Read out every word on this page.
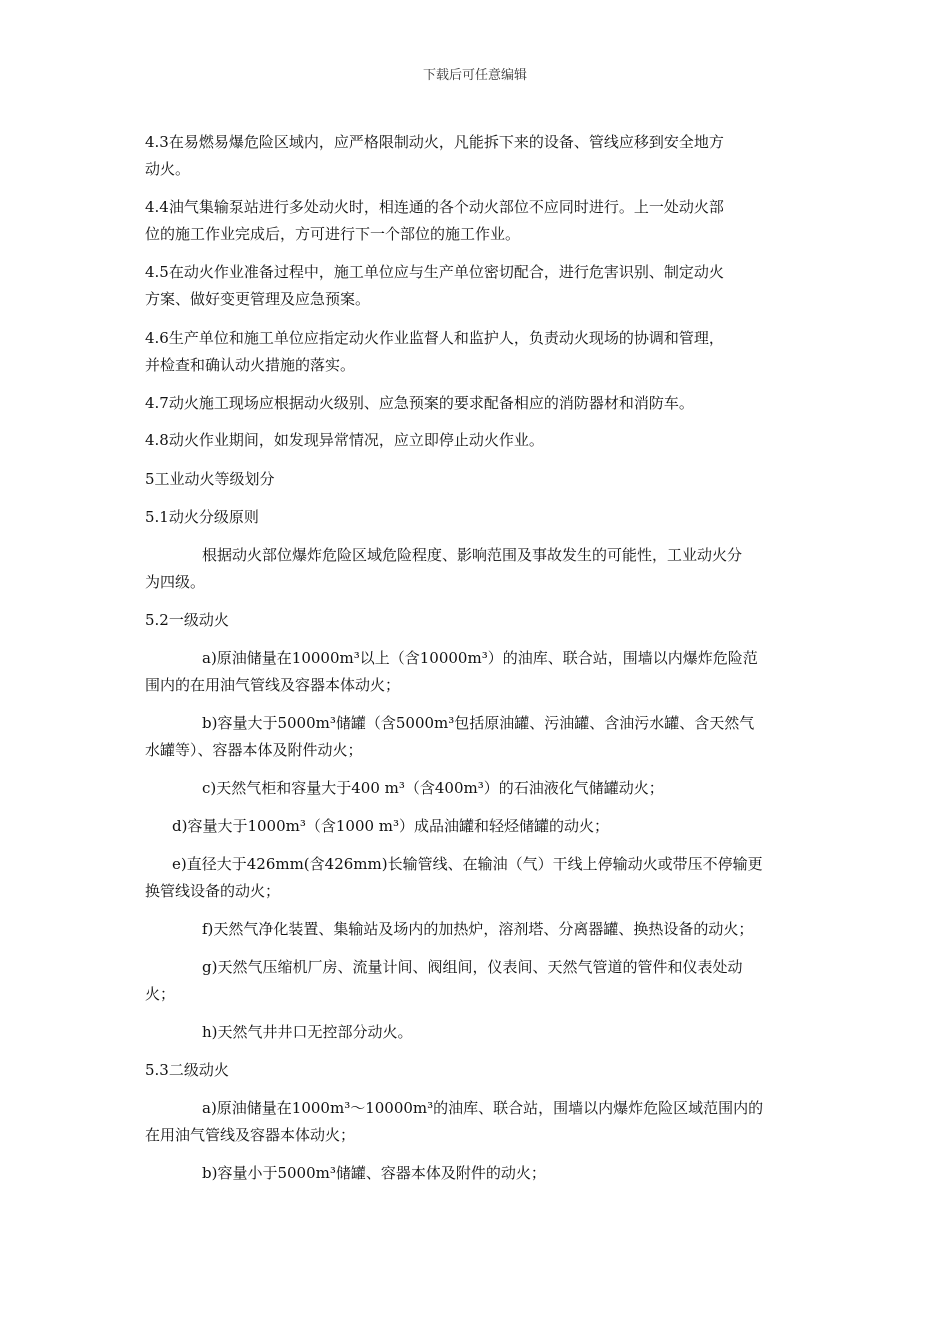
下载后可任意编辑

4.3在易燃易爆危险区域内，应严格限制动火，凡能拆下来的设备、管线应移到安全地方
动火。

4.4油气集输泵站进行多处动火时，相连通的各个动火部位不应同时进行。上一处动火部
位的施工作业完成后，方可进行下一个部位的施工作业。

4.5在动火作业准备过程中，施工单位应与生产单位密切配合，进行危害识别、制定动火
方案、做好变更管理及应急预案。

4.6生产单位和施工单位应指定动火作业监督人和监护人，负责动火现场的协调和管理，
并检查和确认动火措施的落实。

4.7动火施工现场应根据动火级别、应急预案的要求配备相应的消防器材和消防车。

4.8动火作业期间，如发现异常情况，应立即停止动火作业。

5工业动火等级划分

5.1动火分级原则

根据动火部位爆炸危险区域危险程度、影响范围及事故发生的可能性，工业动火分
为四级。

5.2一级动火

a)原油储量在10000m³以上（含10000m³）的油库、联合站，围墙以内爆炸危险范
围内的在用油气管线及容器本体动火；

b)容量大于5000m³储罐（含5000m³包括原油罐、污油罐、含油污水罐、含天然气
水罐等）、容器本体及附件动火；

c)天然气柜和容量大于400 m³（含400m³）的石油液化气储罐动火；

d)容量大于1000m³（含1000 m³）成品油罐和轻烃储罐的动火；

e)直径大于426mm(含426mm)长输管线、在输油（气）干线上停输动火或带压不停输更
换管线设备的动火；

f)天然气净化装置、集输站及场内的加热炉，溶剂塔、分离器罐、换热设备的动火；

g)天然气压缩机厂房、流量计间、阀组间，仪表间、天然气管道的管件和仪表处动
火；

h)天然气井井口无控部分动火。

5.3二级动火

a)原油储量在1000m³～10000m³的油库、联合站，围墙以内爆炸危险区域范围内的
在用油气管线及容器本体动火；

b)容量小于5000m³储罐、容器本体及附件的动火；
